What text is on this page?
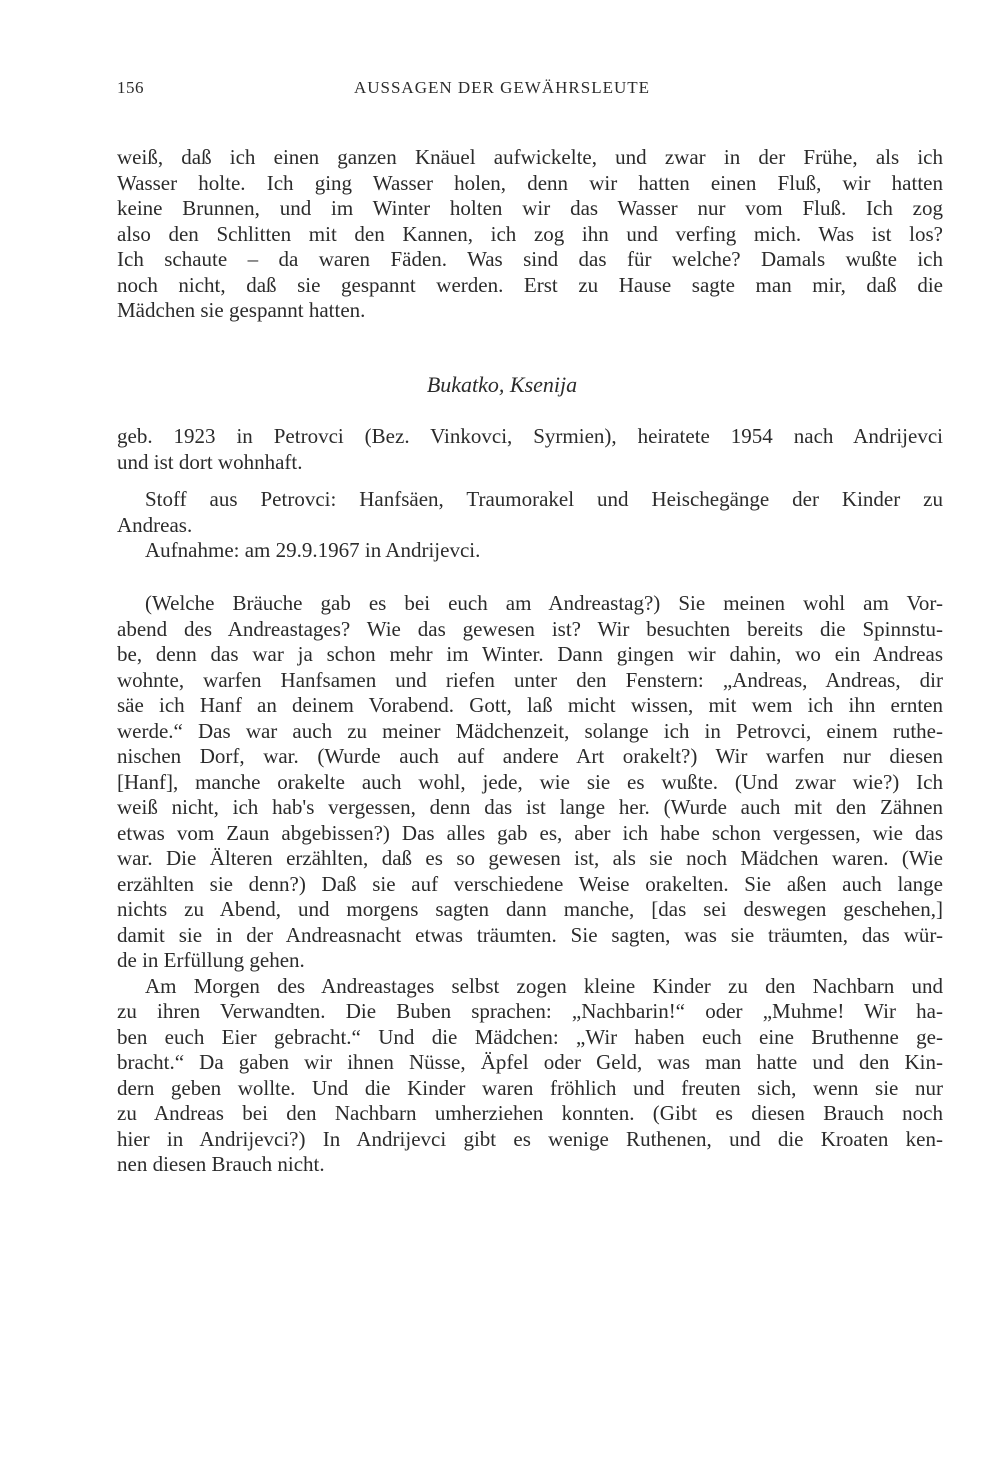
156	AUSSAGEN DER GEWÄHRSLEUTE
weiß, daß ich einen ganzen Knäuel aufwickelte, und zwar in der Frühe, als ich
Wasser holte. Ich ging Wasser holen, denn wir hatten einen Fluß, wir hatten
keine Brunnen, und im Winter holten wir das Wasser nur vom Fluß. Ich zog
also den Schlitten mit den Kannen, ich zog ihn und verfing mich. Was ist los?
Ich schaute – da waren Fäden. Was sind das für welche? Damals wußte ich
noch nicht, daß sie gespannt werden. Erst zu Hause sagte man mir, daß die
Mädchen sie gespannt hatten.
Bukatko, Ksenija
geb. 1923 in Petrovci (Bez. Vinkovci, Syrmien), heiratete 1954 nach Andrijevci
und ist dort wohnhaft.
Stoff aus Petrovci: Hanfsäen, Traumorakel und Heischegänge der Kinder zu
Andreas.
Aufnahme: am 29.9.1967 in Andrijevci.
(Welche Bräuche gab es bei euch am Andreastag?) Sie meinen wohl am Vor-
abend des Andreastages? Wie das gewesen ist? Wir besuchten bereits die Spinnstu-
be, denn das war ja schon mehr im Winter. Dann gingen wir dahin, wo ein Andreas
wohnte, warfen Hanfsamen und riefen unter den Fenstern: „Andreas, Andreas, dir
säe ich Hanf an deinem Vorabend. Gott, laß micht wissen, mit wem ich ihn ernten
werde.“ Das war auch zu meiner Mädchenzeit, solange ich in Petrovci, einem ruthe-
nischen Dorf, war. (Wurde auch auf andere Art orakelt?) Wir warfen nur diesen
[Hanf], manche orakelte auch wohl, jede, wie sie es wußte. (Und zwar wie?) Ich
weiß nicht, ich hab's vergessen, denn das ist lange her. (Wurde auch mit den Zähnen
etwas vom Zaun abgebissen?) Das alles gab es, aber ich habe schon vergessen, wie das
war. Die Älteren erzählten, daß es so gewesen ist, als sie noch Mädchen waren. (Wie
erzählten sie denn?) Daß sie auf verschiedene Weise orakelten. Sie aßen auch lange
nichts zu Abend, und morgens sagten dann manche, [das sei deswegen geschehen,]
damit sie in der Andreasnacht etwas träumten. Sie sagten, was sie träumten, das wür-
de in Erfüllung gehen.
Am Morgen des Andreastages selbst zogen kleine Kinder zu den Nachbarn und
zu ihren Verwandten. Die Buben sprachen: „Nachbarin!“ oder „Muhme! Wir ha-
ben euch Eier gebracht.“ Und die Mädchen: „Wir haben euch eine Bruthenne ge-
bracht.“ Da gaben wir ihnen Nüsse, Äpfel oder Geld, was man hatte und den Kin-
dern geben wollte. Und die Kinder waren fröhlich und freuten sich, wenn sie nur
zu Andreas bei den Nachbarn umherziehen konnten. (Gibt es diesen Brauch noch
hier in Andrijevci?) In Andrijevci gibt es wenige Ruthenen, und die Kroaten ken-
nen diesen Brauch nicht.
